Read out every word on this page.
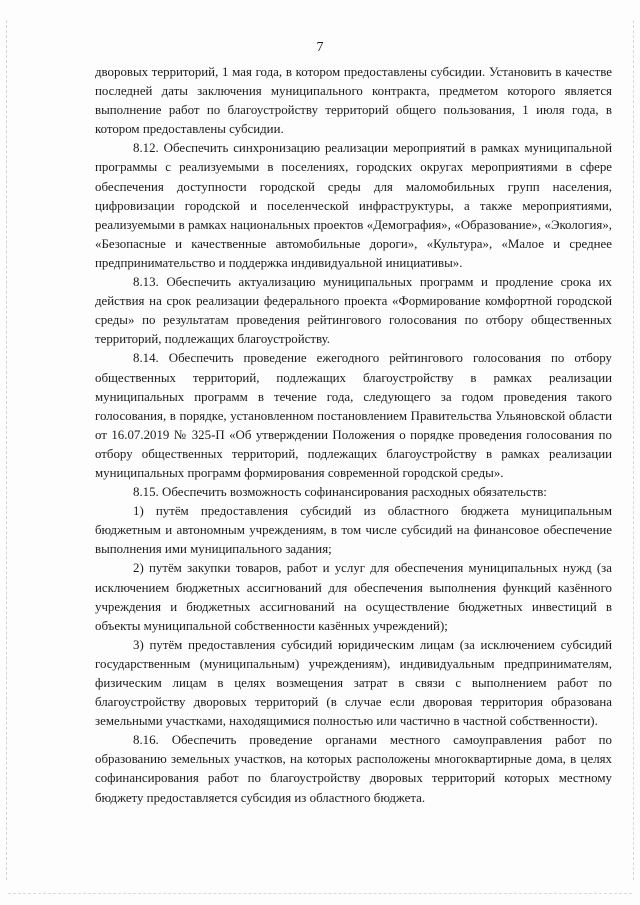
7

дворовых территорий, 1 мая года, в котором предоставлены субсидии. Установить в качестве последней даты заключения муниципального контракта, предметом которого является выполнение работ по благоустройству территорий общего пользования, 1 июля года, в котором предоставлены субсидии.

8.12. Обеспечить синхронизацию реализации мероприятий в рамках муниципальной программы с реализуемыми в поселениях, городских округах мероприятиями в сфере обеспечения доступности городской среды для маломобильных групп населения, цифровизации городской и поселенческой инфраструктуры, а также мероприятиями, реализуемыми в рамках национальных проектов «Демография», «Образование», «Экология», «Безопасные и качественные автомобильные дороги», «Культура», «Малое и среднее предпринимательство и поддержка индивидуальной инициативы».

8.13. Обеспечить актуализацию муниципальных программ и продление срока их действия на срок реализации федерального проекта «Формирование комфортной городской среды» по результатам проведения рейтингового голосования по отбору общественных территорий, подлежащих благоустройству.

8.14. Обеспечить проведение ежегодного рейтингового голосования по отбору общественных территорий, подлежащих благоустройству в рамках реализации муниципальных программ в течение года, следующего за годом проведения такого голосования, в порядке, установленном постановлением Правительства Ульяновской области от 16.07.2019 № 325-П «Об утверждении Положения о порядке проведения голосования по отбору общественных территорий, подлежащих благоустройству в рамках реализации муниципальных программ формирования современной городской среды».

8.15. Обеспечить возможность софинансирования расходных обязательств:

1) путём предоставления субсидий из областного бюджета муниципальным бюджетным и автономным учреждениям, в том числе субсидий на финансовое обеспечение выполнения ими муниципального задания;

2) путём закупки товаров, работ и услуг для обеспечения муниципальных нужд (за исключением бюджетных ассигнований для обеспечения выполнения функций казённого учреждения и бюджетных ассигнований на осуществление бюджетных инвестиций в объекты муниципальной собственности казённых учреждений);

3) путём предоставления субсидий юридическим лицам (за исключением субсидий государственным (муниципальным) учреждениям), индивидуальным предпринимателям, физическим лицам в целях возмещения затрат в связи с выполнением работ по благоустройству дворовых территорий (в случае если дворовая территория образована земельными участками, находящимися полностью или частично в частной собственности).

8.16. Обеспечить проведение органами местного самоуправления работ по образованию земельных участков, на которых расположены многоквартирные дома, в целях софинансирования работ по благоустройству дворовых территорий которых местному бюджету предоставляется субсидия из областного бюджета.
